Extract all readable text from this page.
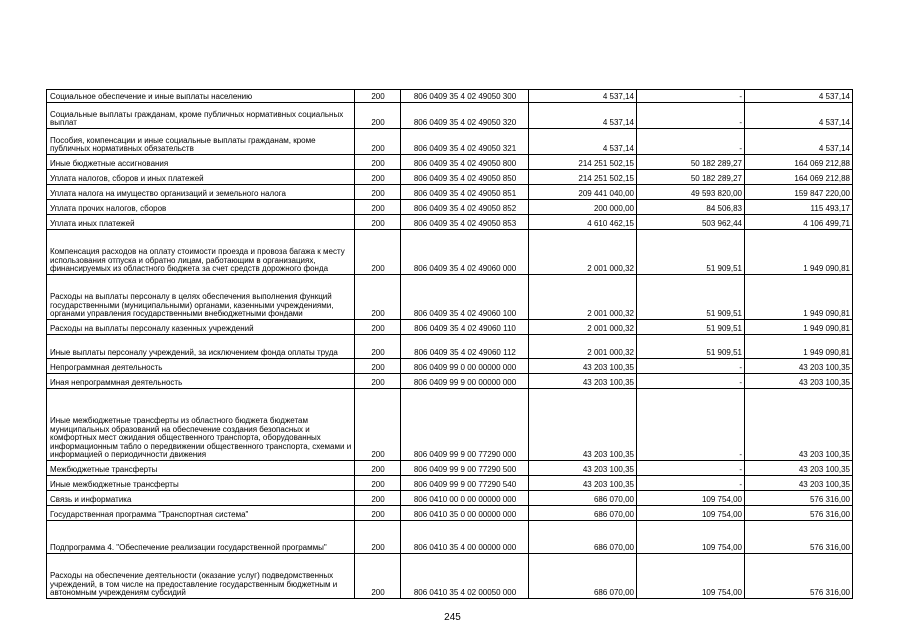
Социальное обеспечение и иные выплаты населению	200	806 0409 35 4 02 49050 300	4 537,14	-	4 537,14
Социальные выплаты гражданам, кроме публичных нормативных социальных выплат	200	806 0409 35 4 02 49050 320	4 537,14	-	4 537,14
Пособия, компенсации и иные социальные выплаты гражданам, кроме публичных нормативных обязательств	200	806 0409 35 4 02 49050 321	4 537,14	-	4 537,14
Иные бюджетные ассигнования	200	806 0409 35 4 02 49050 800	214 251 502,15	50 182 289,27	164 069 212,88
Уплата налогов, сборов и иных платежей	200	806 0409 35 4 02 49050 850	214 251 502,15	50 182 289,27	164 069 212,88
Уплата налога на имущество организаций и земельного налога	200	806 0409 35 4 02 49050 851	209 441 040,00	49 593 820,00	159 847 220,00
Уплата прочих налогов, сборов	200	806 0409 35 4 02 49050 852	200 000,00	84 506,83	115 493,17
Уплата иных платежей	200	806 0409 35 4 02 49050 853	4 610 462,15	503 962,44	4 106 499,71
Компенсация расходов на оплату стоимости проезда и провоза багажа к месту использования отпуска и обратно лицам, работающим в организациях, финансируемых из областного бюджета за счет средств дорожного фонда	200	806 0409 35 4 02 49060 000	2 001 000,32	51 909,51	1 949 090,81
Расходы на выплаты персоналу в целях обеспечения выполнения функций государственными (муниципальными) органами, казенными учреждениями, органами управления государственными внебюджетными фондами	200	806 0409 35 4 02 49060 100	2 001 000,32	51 909,51	1 949 090,81
Расходы на выплаты персоналу казенных учреждений	200	806 0409 35 4 02 49060 110	2 001 000,32	51 909,51	1 949 090,81
Иные выплаты персоналу учреждений, за исключением фонда оплаты труда	200	806 0409 35 4 02 49060 112	2 001 000,32	51 909,51	1 949 090,81
Непрограммная деятельность	200	806 0409 99 0 00 00000 000	43 203 100,35	-	43 203 100,35
Иная непрограммная деятельность	200	806 0409 99 9 00 00000 000	43 203 100,35	-	43 203 100,35
Иные межбюджетные трансферты из областного бюджета бюджетам муниципальных образований на обеспечение создания безопасных и комфортных мест ожидания общественного транспорта, оборудованных информационным табло о передвижении общественного транспорта, схемами и информацией о периодичности движения	200	806 0409 99 9 00 77290 000	43 203 100,35	-	43 203 100,35
Межбюджетные трансферты	200	806 0409 99 9 00 77290 500	43 203 100,35	-	43 203 100,35
Иные межбюджетные трансферты	200	806 0409 99 9 00 77290 540	43 203 100,35	-	43 203 100,35
Связь и информатика	200	806 0410 00 0 00 00000 000	686 070,00	109 754,00	576 316,00
Государственная программа "Транспортная система"	200	806 0410 35 0 00 00000 000	686 070,00	109 754,00	576 316,00
Подпрограмма 4. "Обеспечение реализации государственной программы"	200	806 0410 35 4 00 00000 000	686 070,00	109 754,00	576 316,00
Расходы на обеспечение деятельности (оказание услуг) подведомственных учреждений, в том числе на предоставление государственным бюджетным и автономным учреждениям субсидий	200	806 0410 35 4 02 00050 000	686 070,00	109 754,00	576 316,00
245
